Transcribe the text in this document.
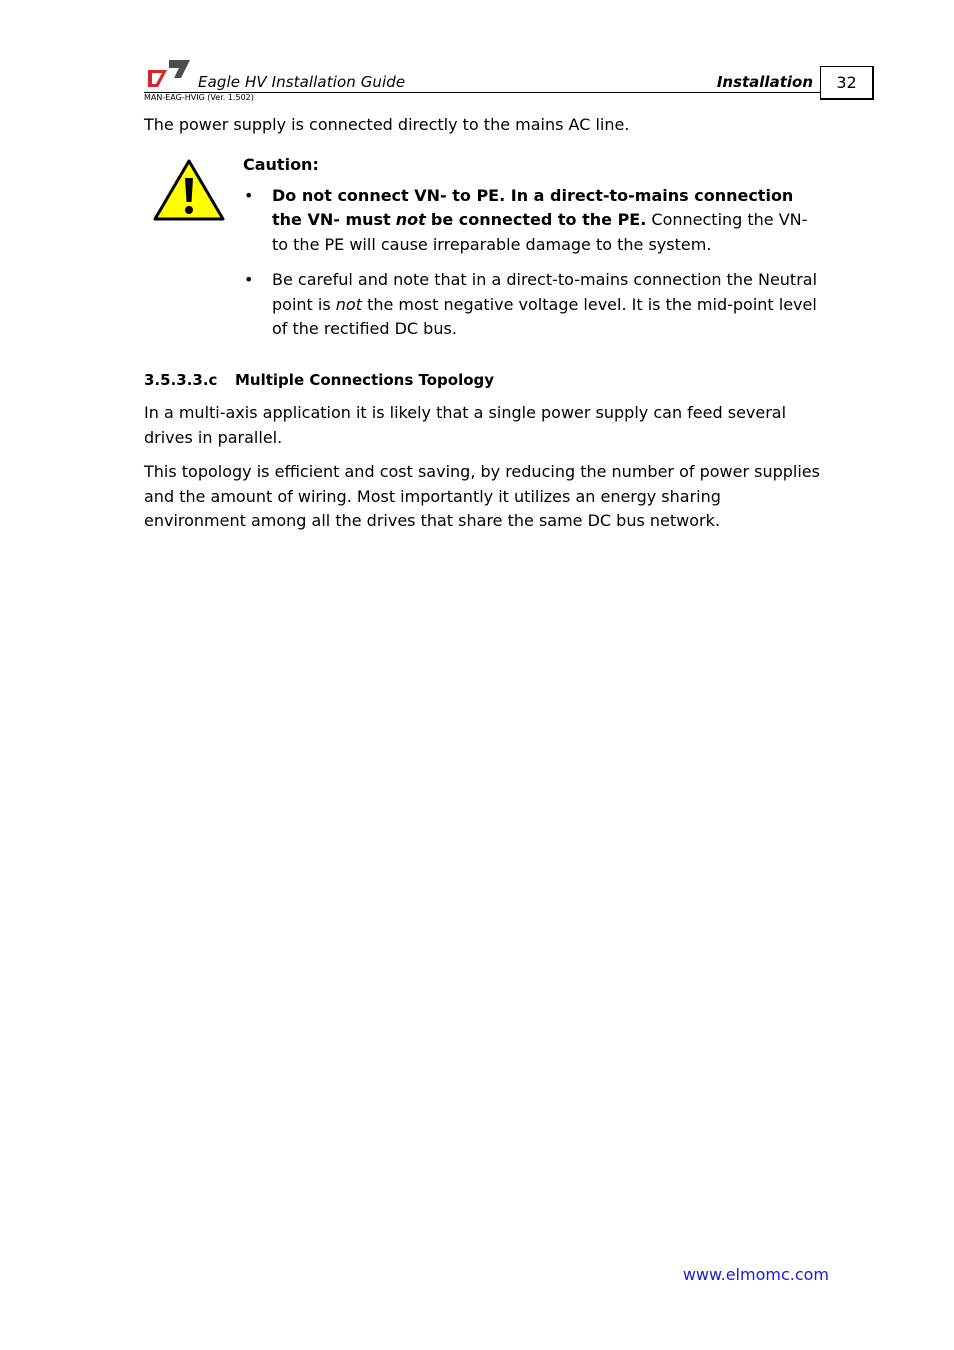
Eagle HV Installation Guide	Installation	32
MAN-EAG-HVIG (Ver. 1.502)
The power supply is connected directly to the mains AC line.
Caution:
• Do not connect VN- to PE. In a direct-to-mains connection the VN- must not be connected to the PE. Connecting the VN- to the PE will cause irreparable damage to the system.
• Be careful and note that in a direct-to-mains connection the Neutral point is not the most negative voltage level. It is the mid-point level of the rectified DC bus.
3.5.3.3.c Multiple Connections Topology
In a multi-axis application it is likely that a single power supply can feed several drives in parallel.
This topology is efficient and cost saving, by reducing the number of power supplies and the amount of wiring. Most importantly it utilizes an energy sharing environment among all the drives that share the same DC bus network.
www.elmomc.com
